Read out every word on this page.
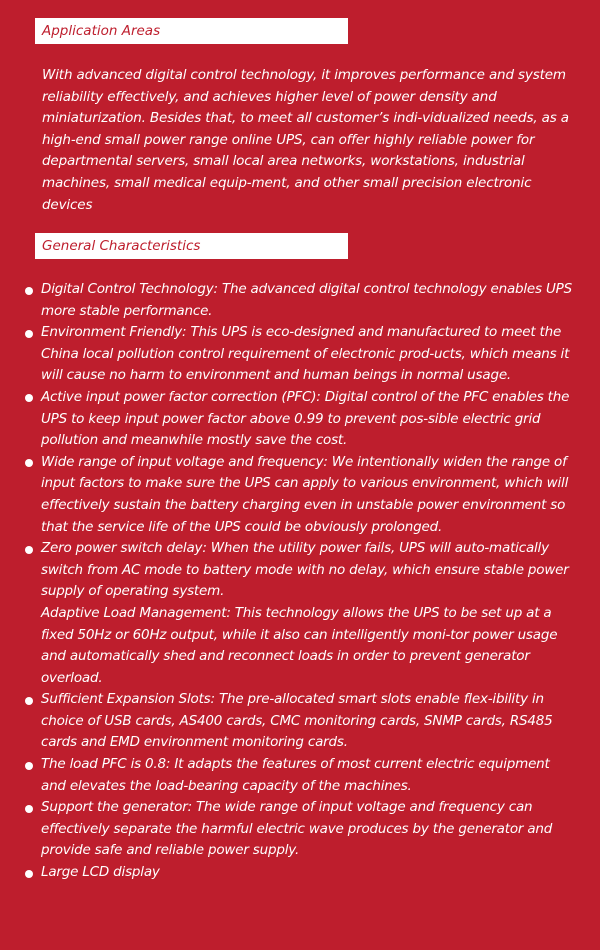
Application Areas

With advanced digital control technology, it improves performance and system reliability effectively, and achieves higher level of power density and miniaturization. Besides that, to meet all customer’s indi-vidualized needs, as a high-end small power range online UPS, can offer highly reliable power for departmental servers, small local area networks, workstations, industrial machines, small medical equip-ment, and other small precision electronic devices

General Characteristics
Digital Control Technology: The advanced digital control technology enables UPS more stable performance.
Environment Friendly: This UPS is eco-designed and manufactured to meet the China local pollution control requirement of electronic prod-ucts, which means it will cause no harm to environment and human beings in normal usage.
Active input power factor correction (PFC): Digital control of the PFC enables the UPS to keep input power factor above 0.99 to prevent pos-sible electric grid pollution and meanwhile mostly save the cost.
Wide range of input voltage and frequency: We intentionally widen the range of input factors to make sure the UPS can apply to various environment, which will effectively sustain the battery charging even in unstable power environment so that the service life of the UPS could be obviously prolonged.
Zero power switch delay: When the utility power fails, UPS will auto-matically switch from AC mode to battery mode with no delay, which ensure stable power supply of operating system.
Adaptive Load Management: This technology allows the UPS to be set up at a fixed 50Hz or 60Hz output, while it also can intelligently moni-tor power usage and automatically shed and reconnect loads in order to prevent generator overload.
Sufficient Expansion Slots: The pre-allocated smart slots enable flex-ibility in choice of USB cards, AS400 cards, CMC monitoring cards, SNMP cards, RS485 cards and EMD environment monitoring cards.
The load PFC is 0.8: It adapts the features of most current electric equipment and elevates the load-bearing capacity of the machines.
Support the generator: The wide range of input voltage and frequency can effectively separate the harmful electric wave produces by the generator and provide safe and reliable power supply.
Large LCD display
